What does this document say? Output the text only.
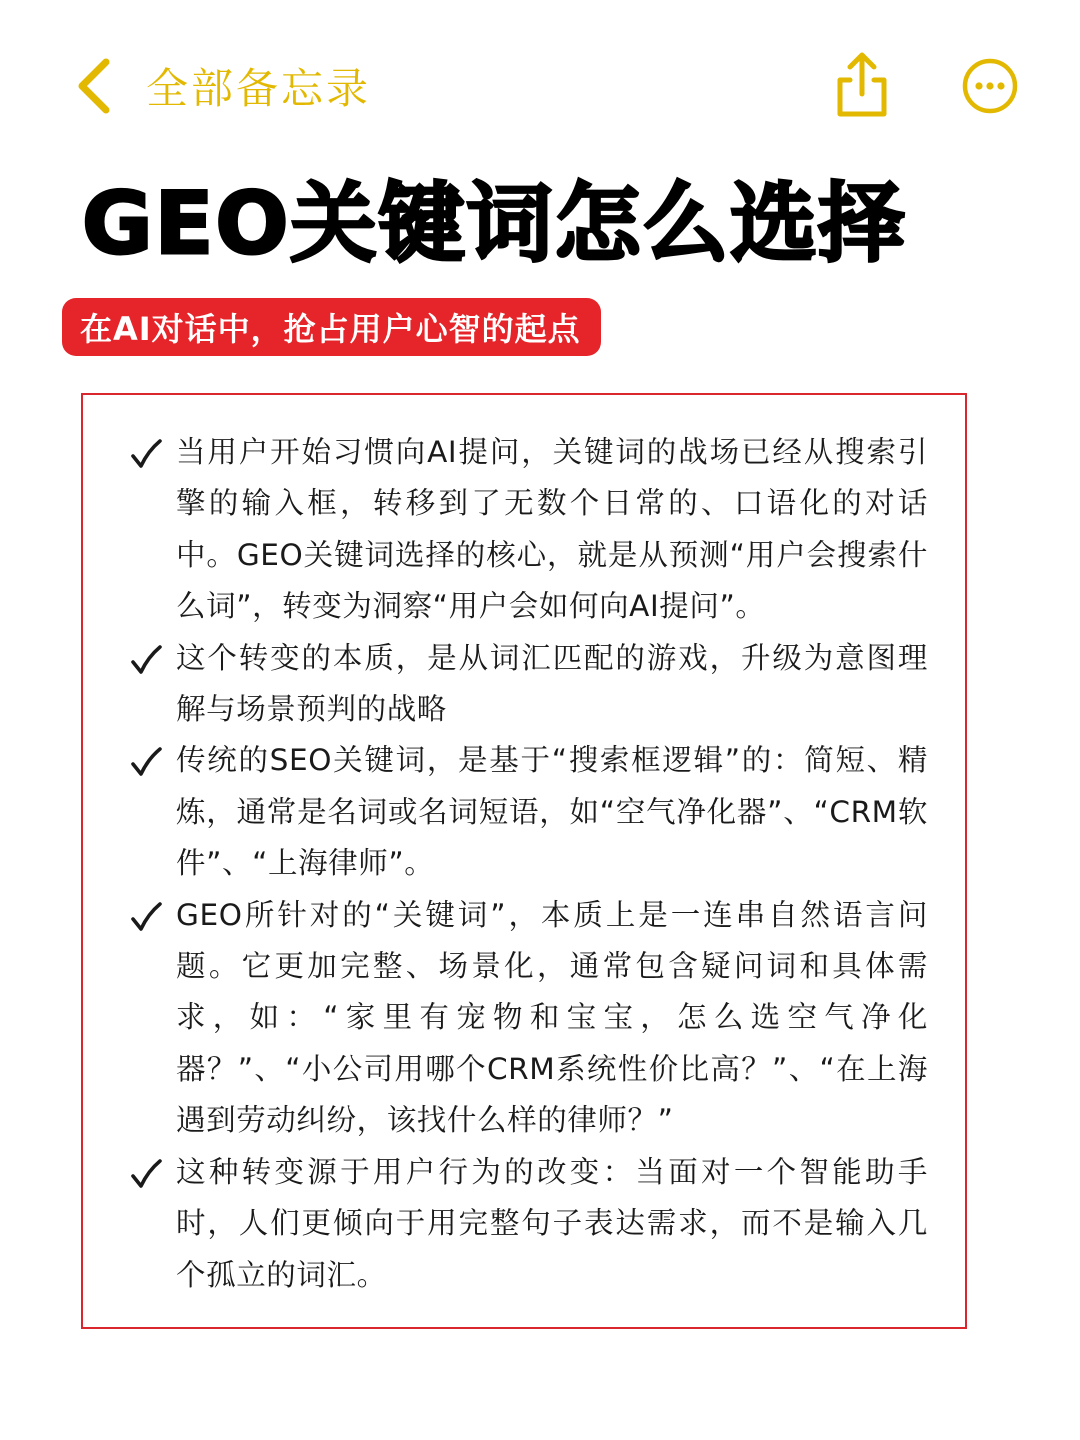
全部备忘录
GEO关键词怎么选择
在AI对话中，抢占用户心智的起点
当用户开始习惯向AI提问，关键词的战场已经从搜索引擎的输入框，转移到了无数个日常的、口语化的对话中。GEO关键词选择的核心，就是从预测“用户会搜索什么词”，转变为洞察“用户会如何向AI提问”。
这个转变的本质，是从词汇匹配的游戏，升级为意图理解与场景预判的战略
传统的SEO关键词，是基于“搜索框逻辑”的：简短、精炼，通常是名词或名词短语，如“空气净化器”、“CRM软件”、“上海律师”。
GEO所针对的“关键词”，本质上是一连串自然语言问题。它更加完整、场景化，通常包含疑问词和具体需求，如：“家里有宠物和宝宝，怎么选空气净化器？”、“小公司用哪个CRM系统性价比高？”、“在上海遇到劳动纠纷，该找什么样的律师？”
这种转变源于用户行为的改变：当面对一个智能助手时，人们更倾向于用完整句子表达需求，而不是输入几个孤立的词汇。
